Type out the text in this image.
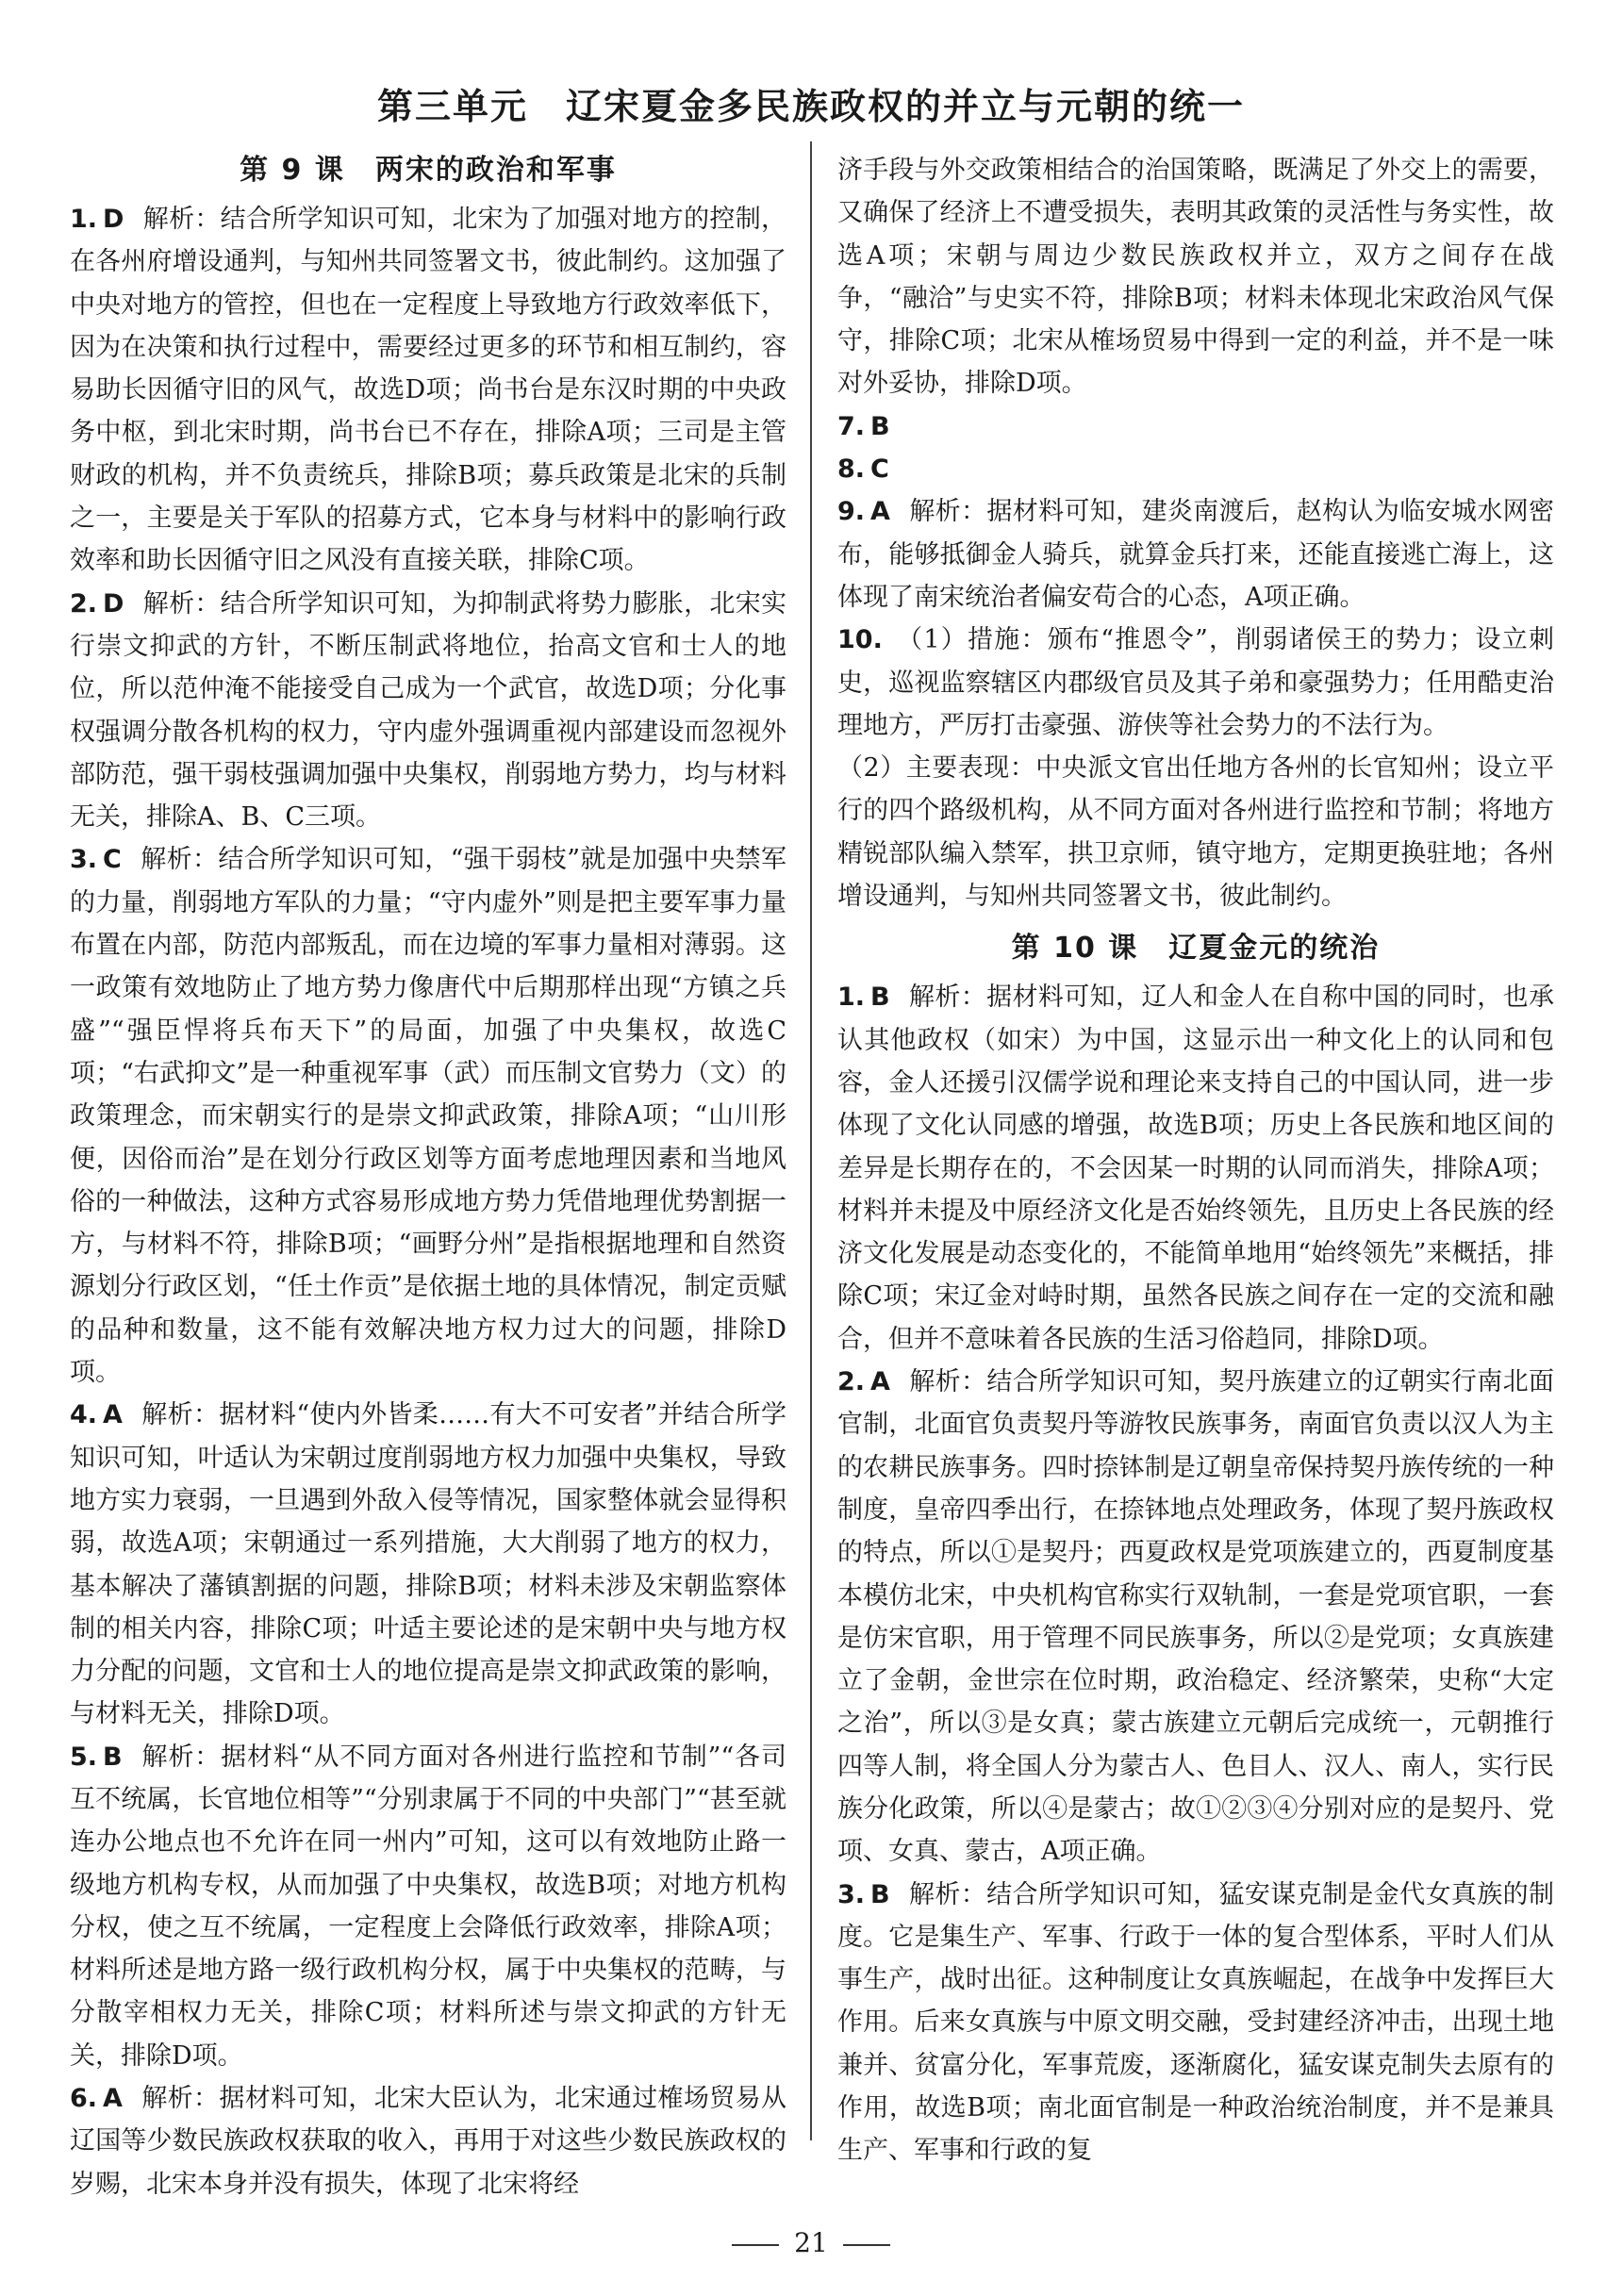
第三单元　辽宋夏金多民族政权的并立与元朝的统一
第 9 课　两宋的政治和军事

1. D 解析：结合所学知识可知，北宋为了加强对地方的控制，在各州府增设通判，与知州共同签署文书，彼此制约。这加强了中央对地方的管控，但也在一定程度上导致地方行政效率低下，因为在决策和执行过程中，需要经过更多的环节和相互制约，容易助长因循守旧的风气，故选D项；尚书台是东汉时期的中央政务中枢，到北宋时期，尚书台已不存在，排除A项；三司是主管财政的机构，并不负责统兵，排除B项；募兵政策是北宋的兵制之一，主要是关于军队的招募方式，它本身与材料中的影响行政效率和助长因循守旧之风没有直接关联，排除C项。

2. D 解析：结合所学知识可知，为抑制武将势力膨胀，北宋实行崇文抑武的方针，不断压制武将地位，抬高文官和士人的地位，所以范仲淹不能接受自己成为一个武官，故选D项；分化事权强调分散各机构的权力，守内虚外强调重视内部建设而忽视外部防范，强干弱枝强调加强中央集权，削弱地方势力，均与材料无关，排除A、B、C三项。

3. C 解析：结合所学知识可知，“强干弱枝”就是加强中央禁军的力量，削弱地方军队的力量；“守内虚外”则是把主要军事力量布置在内部，防范内部叛乱，而在边境的军事力量相对薄弱。这一政策有效地防止了地方势力像唐代中后期那样出现“方镇之兵盛”“强臣悍将兵布天下”的局面，加强了中央集权，故选C项；“右武抑文”是一种重视军事（武）而压制文官势力（文）的政策理念，而宋朝实行的是崇文抑武政策，排除A项；“山川形便，因俗而治”是在划分行政区划等方面考虑地理因素和当地风俗的一种做法，这种方式容易形成地方势力凭借地理优势割据一方，与材料不符，排除B项；“画野分州”是指根据地理和自然资源划分行政区划，“任土作贡”是依据土地的具体情况，制定贡赋的品种和数量，这不能有效解决地方权力过大的问题，排除D项。

4. A 解析：据材料“使内外皆柔……有大不可安者”并结合所学知识可知，叶适认为宋朝过度削弱地方权力加强中央集权，导致地方实力衰弱，一旦遇到外敌入侵等情况，国家整体就会显得积弱，故选A项；宋朝通过一系列措施，大大削弱了地方的权力，基本解决了藩镇割据的问题，排除B项；材料未涉及宋朝监察体制的相关内容，排除C项；叶适主要论述的是宋朝中央与地方权力分配的问题，文官和士人的地位提高是崇文抑武政策的影响，与材料无关，排除D项。

5. B 解析：据材料“从不同方面对各州进行监控和节制”“各司互不统属，长官地位相等”“分别隶属于不同的中央部门”“甚至就连办公地点也不允许在同一州内”可知，这可以有效地防止路一级地方机构专权，从而加强了中央集权，故选B项；对地方机构分权，使之互不统属，一定程度上会降低行政效率，排除A项；材料所述是地方路一级行政机构分权，属于中央集权的范畴，与分散宰相权力无关，排除C项；材料所述与崇文抑武的方针无关，排除D项。

6. A 解析：据材料可知，北宋大臣认为，北宋通过榷场贸易从辽国等少数民族政权获取的收入，再用于对这些少数民族政权的岁赐，北宋本身并没有损失，体现了北宋将经

济手段与外交政策相结合的治国策略，既满足了外交上的需要，又确保了经济上不遭受损失，表明其政策的灵活性与务实性，故选A项；宋朝与周边少数民族政权并立，双方之间存在战争，“融洽”与史实不符，排除B项；材料未体现北宋政治风气保守，排除C项；北宋从榷场贸易中得到一定的利益，并不是一味对外妥协，排除D项。

7. B

8. C

9. A 解析：据材料可知，建炎南渡后，赵构认为临安城水网密布，能够抵御金人骑兵，就算金兵打来，还能直接逃亡海上，这体现了南宋统治者偏安苟合的心态，A项正确。

10. （1）措施：颁布“推恩令”，削弱诸侯王的势力；设立刺史，巡视监察辖区内郡级官员及其子弟和豪强势力；任用酷吏治理地方，严厉打击豪强、游侠等社会势力的不法行为。

（2）主要表现：中央派文官出任地方各州的长官知州；设立平行的四个路级机构，从不同方面对各州进行监控和节制；将地方精锐部队编入禁军，拱卫京师，镇守地方，定期更换驻地；各州增设通判，与知州共同签署文书，彼此制约。

第 10 课　辽夏金元的统治

1. B 解析：据材料可知，辽人和金人在自称中国的同时，也承认其他政权（如宋）为中国，这显示出一种文化上的认同和包容，金人还援引汉儒学说和理论来支持自己的中国认同，进一步体现了文化认同感的增强，故选B项；历史上各民族和地区间的差异是长期存在的，不会因某一时期的认同而消失，排除A项；材料并未提及中原经济文化是否始终领先，且历史上各民族的经济文化发展是动态变化的，不能简单地用“始终领先”来概括，排除C项；宋辽金对峙时期，虽然各民族之间存在一定的交流和融合，但并不意味着各民族的生活习俗趋同，排除D项。

2. A 解析：结合所学知识可知，契丹族建立的辽朝实行南北面官制，北面官负责契丹等游牧民族事务，南面官负责以汉人为主的农耕民族事务。四时捺钵制是辽朝皇帝保持契丹族传统的一种制度，皇帝四季出行，在捺钵地点处理政务，体现了契丹族政权的特点，所以①是契丹；西夏政权是党项族建立的，西夏制度基本模仿北宋，中央机构官称实行双轨制，一套是党项官职，一套是仿宋官职，用于管理不同民族事务，所以②是党项；女真族建立了金朝，金世宗在位时期，政治稳定、经济繁荣，史称“大定之治”，所以③是女真；蒙古族建立元朝后完成统一，元朝推行四等人制，将全国人分为蒙古人、色目人、汉人、南人，实行民族分化政策，所以④是蒙古；故①②③④分别对应的是契丹、党项、女真、蒙古，A项正确。

3. B 解析：结合所学知识可知，猛安谋克制是金代女真族的制度。它是集生产、军事、行政于一体的复合型体系，平时人们从事生产，战时出征。这种制度让女真族崛起，在战争中发挥巨大作用。后来女真族与中原文明交融，受封建经济冲击，出现土地兼并、贫富分化，军事荒废，逐渐腐化，猛安谋克制失去原有的作用，故选B项；南北面官制是一种政治统治制度，并不是兼具生产、军事和行政的复

21
